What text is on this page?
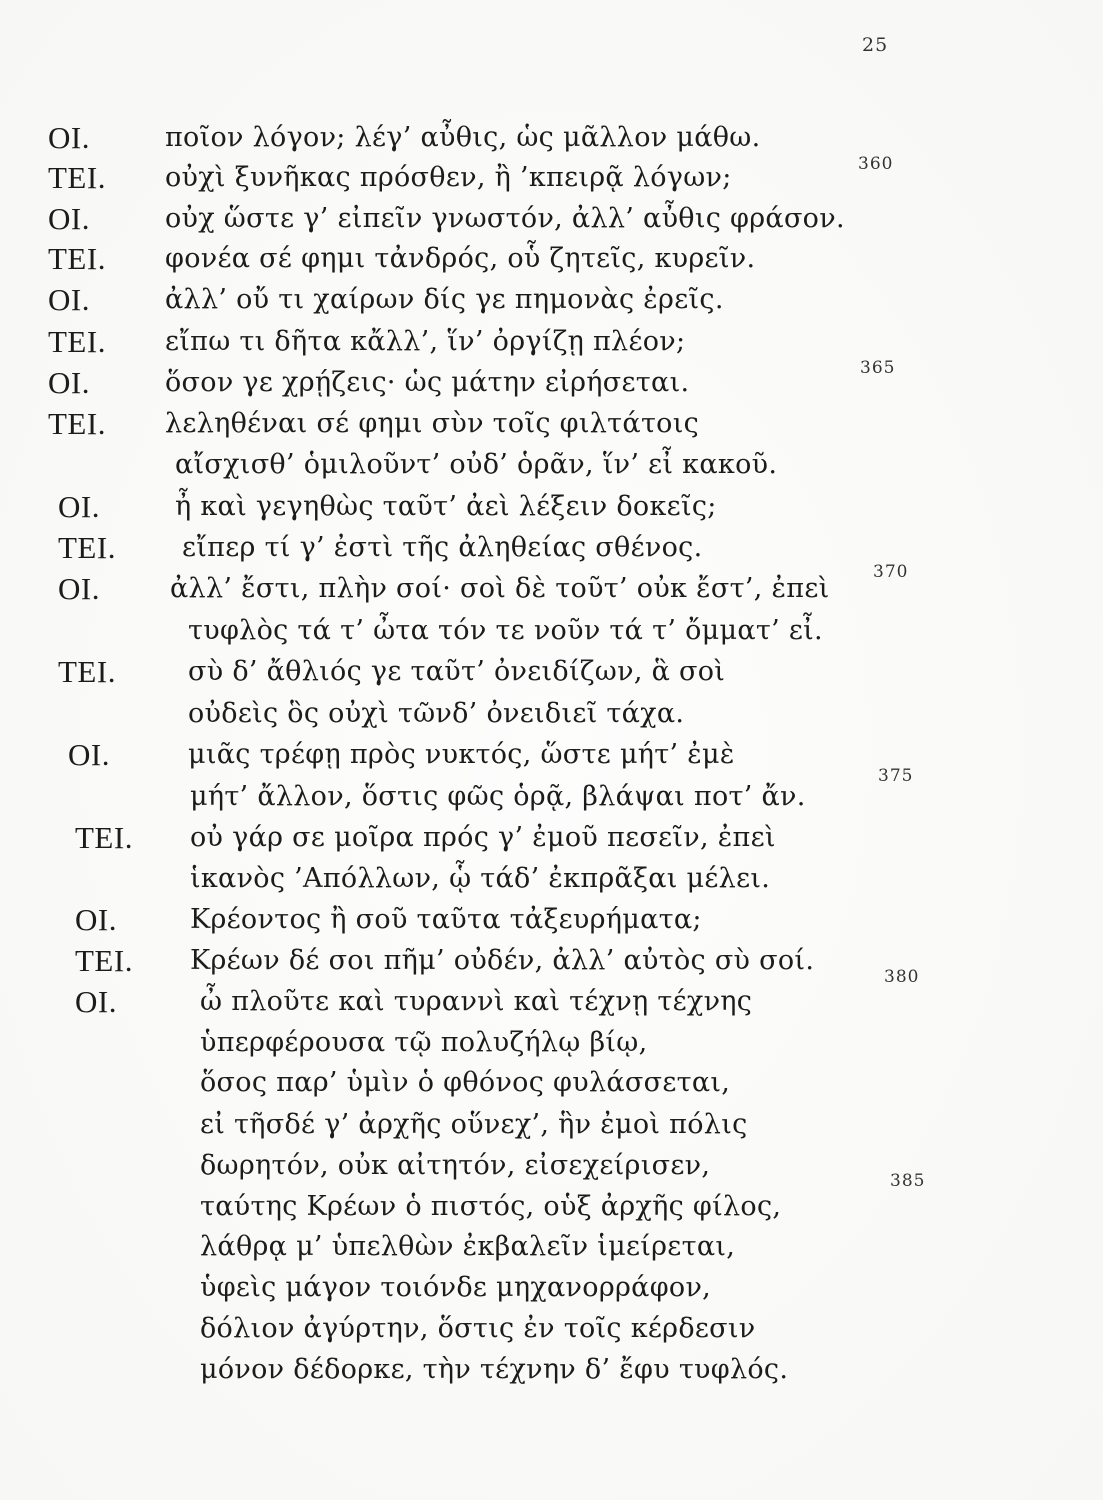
25
ΟΙ.	ποῖον λόγον; λέγ’ αὖθις, ὡς μᾶλλον μάθω.
ΤΕΙ. οὐχὶ ξυνῆκας πρόσθεν, ἢ ’κπειρᾷ λόγων;	360
ΟΙ.	οὐχ ὥστε γ’ εἰπεῖν γνωστόν, ἀλλ’ αὖθις φράσον.
ΤΕΙ. φονέα σέ φημι τἀνδρός, οὗ ζητεῖς, κυρεῖν.
ΟΙ.	ἀλλ’ οὔ τι χαίρων δίς γε πημονὰς ἐρεῖς.
ΤΕΙ. εἴπω τι δῆτα κἄλλ’, ἵν’ ὀργίζῃ πλέον;
ΟΙ.	ὅσον γε χρῄζεις· ὡς μάτην εἰρήσεται.	365
ΤΕΙ. λεληθέναι σέ φημι σὺν τοῖς φιλτάτοις
αἴσχισθ’ ὁμιλοῦντ’ οὐδ’ ὁρᾶν, ἵν’ εἶ κακοῦ.
ΟΙ.	ἦ καὶ γεγηθὼς ταῦτ’ ἀεὶ λέξειν δοκεῖς;
ΤΕΙ. εἴπερ τί γ’ ἐστὶ τῆς ἀληθείας σθένος.
ΟΙ.	ἀλλ’ ἔστι, πλὴν σοί· σοὶ δὲ τοῦτ’ οὐκ ἔστ’, ἐπεὶ
370
τυφλὸς τά τ’ ὦτα τόν τε νοῦν τά τ’ ὄμματ’ εἶ.
ΤΕΙ.	σὺ δ’ ἄθλιός γε ταῦτ’ ὀνειδίζων, ἃ σοὶ
οὐδεὶς ὃς οὐχὶ τῶνδ’ ὀνειδιεῖ τάχα.
ΟΙ.	μιᾶς τρέφῃ πρὸς νυκτός, ὥστε μήτ’ ἐμὲ
μήτ’ ἄλλον, ὅστις φῶς ὁρᾷ, βλάψαι ποτ’ ἄν.
375
ΤΕΙ. οὐ γάρ σε μοῖρα πρός γ’ ἐμοῦ πεσεῖν, ἐπεὶ
ἱκανὸς ’Απόλλων, ᾧ τάδ’ ἐκπρᾶξαι μέλει.
ΟΙ.	Κρέοντος ἢ σοῦ ταῦτα τἀξευρήματα;
ΤΕΙ. Κρέων δέ σοι πῆμ’ οὐδέν, ἀλλ’ αὐτὸς σὺ σοί.
ΟΙ.	ὦ πλοῦτε καὶ τυραννὶ καὶ τέχνῃ τέχνης
380
ὑπερφέρουσα τῷ πολυζήλῳ βίῳ,
ὅσος παρ’ ὑμὶν ὁ φθόνος φυλάσσεται,
εἰ τῆσδέ γ’ ἀρχῆς οὕνεχ’, ἣν ἐμοὶ πόλις
δωρητόν, οὐκ αἰτητόν, εἰσεχείρισεν,
ταύτης Κρέων ὁ πιστός, οὑξ ἀρχῆς φίλος,
385
λάθρᾳ μ’ ὑπελθὼν ἐκβαλεῖν ἱμείρεται,
ὑφεὶς μάγον τοιόνδε μηχανορράφον,
δόλιον ἀγύρτην, ὅστις ἐν τοῖς κέρδεσιν
μόνον δέδορκε, τὴν τέχνην δ’ ἔφυ τυφλός.
